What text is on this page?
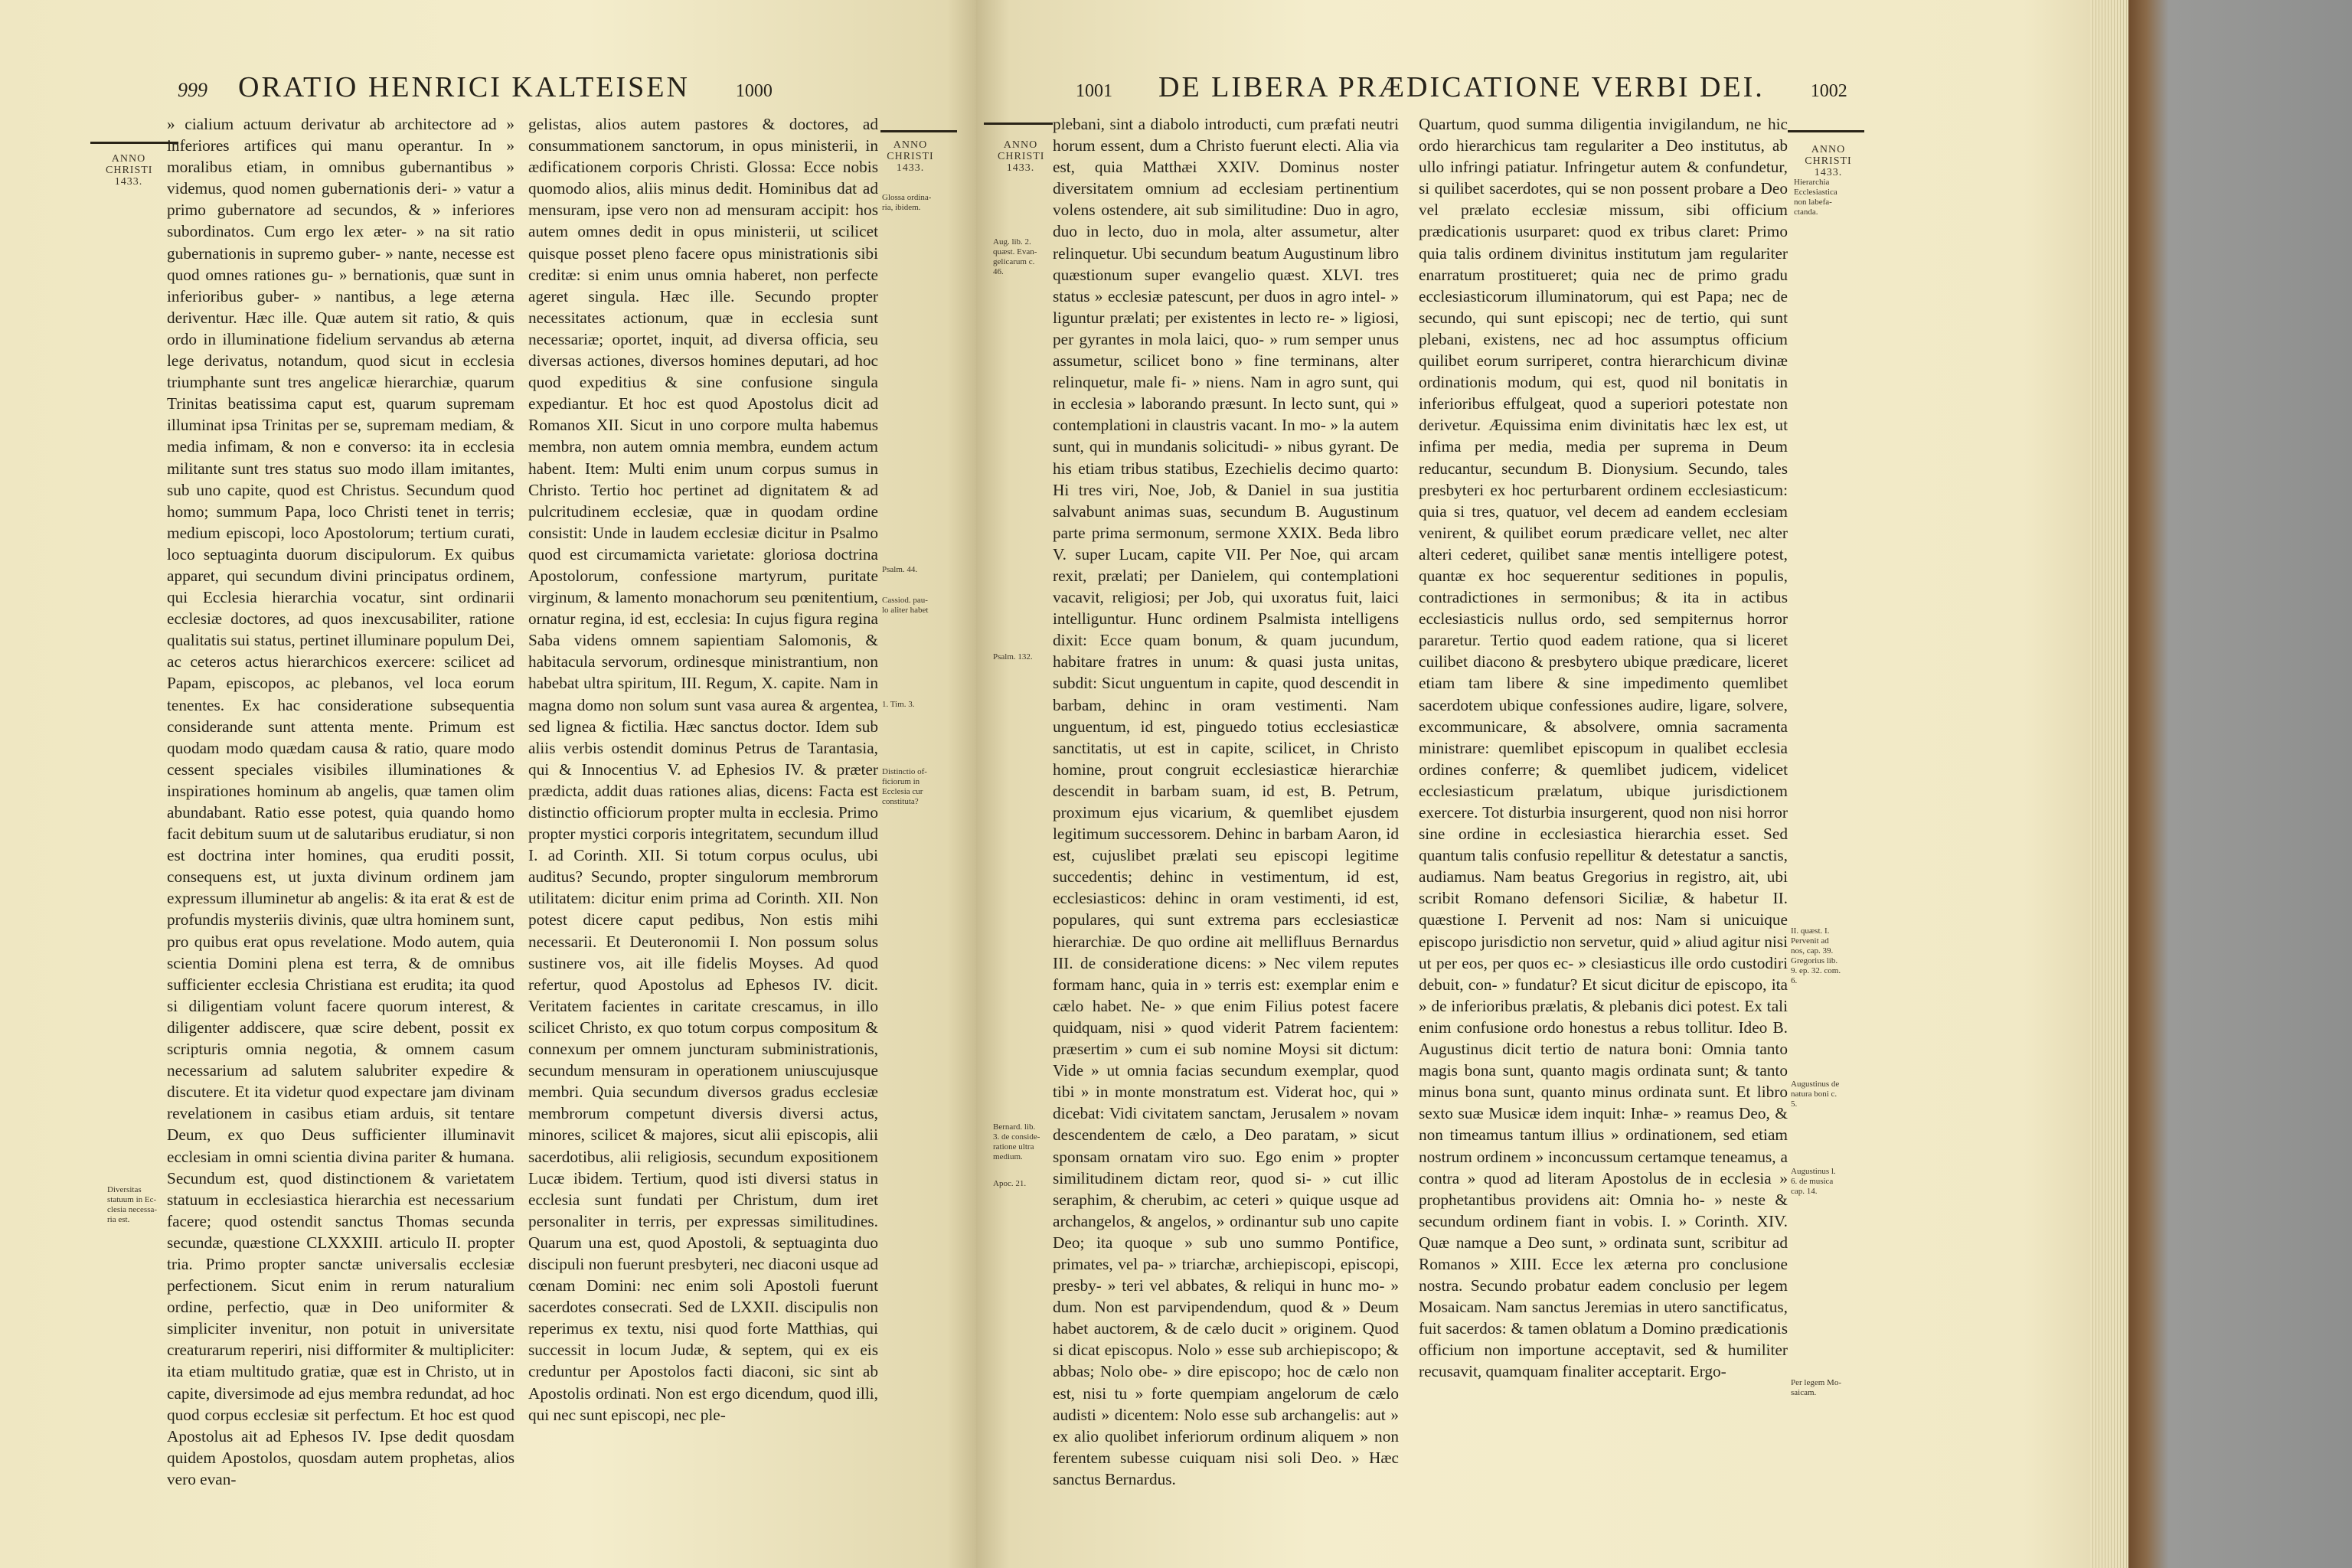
999 ORATIO HENRICI KALTEISEN	1000
ANNO
CHRISTI
1433.
ANNO
CHRISTI
1433.

» cialium actuum derivatur ab architectore ad » inferiores artifices qui manu operantur. In » moralibus etiam, in omnibus gubernantibus » videmus, quod nomen gubernationis deri- » vatur a primo gubernatore ad secundos, & » inferiores subordinatos. Cum ergo lex æter- » na sit ratio gubernationis in supremo guber- » nante, necesse est quod omnes rationes gu- » bernationis, quæ sunt in inferioribus guber- » nantibus, a lege æterna deriventur. Hæc ille. Quæ autem sit ratio, & quis ordo in illuminatione fidelium servandus ab æterna lege derivatus, notandum, quod sicut in ecclesia triumphante sunt tres angelicæ hierarchiæ, quarum Trinitas beatissima caput est, quarum supremam illuminat ipsa Trinitas per se, supremam mediam, & media infimam, & non e converso: ita in ecclesia militante sunt tres status suo modo illam imitantes, sub uno capite, quod est Christus. Secundum quod homo; summum Papa, loco Christi tenet in terris; medium episcopi, loco Apostolorum; tertium curati, loco septuaginta duorum discipulorum. Ex quibus apparet, qui secundum divini principatus ordinem, qui Ecclesia hierarchia vocatur, sint ordinarii ecclesiæ doctores, ad quos inexcusabiliter, ratione qualitatis sui status, pertinet illuminare populum Dei, ac ceteros actus hierarchicos exercere: scilicet ad Papam, episcopos, ac plebanos, vel loca eorum tenentes. Ex hac consideratione subsequentia considerande sunt attenta mente. Primum est quodam modo quædam causa & ratio, quare modo cessent speciales visibiles illuminationes & inspirationes hominum ab angelis, quæ tamen olim abundabant. Ratio esse potest, quia quando homo facit debitum suum ut de salutaribus erudiatur, si non est doctrina inter homines, qua eruditi possit, consequens est, ut juxta divinum ordinem jam expressum illuminetur ab angelis: & ita erat & est de profundis mysteriis divinis, quæ ultra hominem sunt, pro quibus erat opus revelatione. Modo autem, quia scientia Domini plena est terra, & de omnibus sufficienter ecclesia Christiana est erudita; ita quod si diligentiam volunt facere quorum interest, & diligenter addiscere, quæ scire debent, possit ex scripturis omnia negotia, & omnem casum necessarium ad salutem salubriter expedire & discutere. Et ita videtur quod expectare jam divinam revelationem in casibus etiam arduis, sit tentare Deum, ex quo Deus sufficienter illuminavit ecclesiam in omni scientia divina pariter & humana. Secundum est, quod distinctionem & varietatem statuum in ecclesiastica hierarchia est necessarium facere; quod ostendit sanctus Thomas secunda secundæ, quæstione CLXXXIII. articulo II. propter tria. Primo propter sanctæ universalis ecclesiæ perfectionem. Sicut enim in rerum naturalium ordine, perfectio, quæ in Deo uniformiter & simpliciter invenitur, non potuit in universitate creaturarum reperiri, nisi difformiter & multipliciter: ita etiam multitudo gratiæ, quæ est in Christo, ut in capite, diversimode ad ejus membra redundat, ad hoc quod corpus ecclesiæ sit perfectum. Et hoc est quod Apostolus ait ad Ephesos IV. Ipse dedit quosdam quidem Apostolos, quosdam autem prophetas, alios vero evan-

gelistas, alios autem pastores & doctores, ad consummationem sanctorum, in opus ministerii, in ædificationem corporis Christi. Glossa: Ecce nobis quomodo alios, aliis minus dedit. Hominibus dat ad mensuram, ipse vero non ad mensuram accipit: hos autem omnes dedit in opus ministerii, ut scilicet quisque posset pleno facere opus ministrationis sibi creditæ: si enim unus omnia haberet, non perfecte ageret singula. Hæc ille. Secundo propter necessitates actionum, quæ in ecclesia sunt necessariæ; oportet, inquit, ad diversa officia, seu diversas actiones, diversos homines deputari, ad hoc quod expeditius & sine confusione singula expediantur. Et hoc est quod Apostolus dicit ad Romanos XII. Sicut in uno corpore multa habemus membra, non autem omnia membra, eundem actum habent. Item: Multi enim unum corpus sumus in Christo. Tertio hoc pertinet ad dignitatem & ad pulcritudinem ecclesiæ, quæ in quodam ordine consistit: Unde in laudem ecclesiæ dicitur in Psalmo quod est circumamicta varietate: gloriosa doctrina Apostolorum, confessione martyrum, puritate virginum, & lamento monachorum seu pœnitentium, ornatur regina, id est, ecclesia: In cujus figura regina Saba videns omnem sapientiam Salomonis, & habitacula servorum, ordinesque ministrantium, non habebat ultra spiritum, III. Regum, X. capite. Nam in magna domo non solum sunt vasa aurea & argentea, sed lignea & fictilia. Hæc sanctus doctor. Idem sub aliis verbis ostendit dominus Petrus de Tarantasia, qui & Innocentius V. ad Ephesios IV. & præter prædicta, addit duas rationes alias, dicens: Facta est distinctio officiorum propter multa in ecclesia. Primo propter mystici corporis integritatem, secundum illud I. ad Corinth. XII. Si totum corpus oculus, ubi auditus? Secundo, propter singulorum membrorum utilitatem: dicitur enim prima ad Corinth. XII. Non potest dicere caput pedibus, Non estis mihi necessarii. Et Deuteronomii I. Non possum solus sustinere vos, ait ille fidelis Moyses. Ad quod refertur, quod Apostolus ad Ephesos IV. dicit. Veritatem facientes in caritate crescamus, in illo scilicet Christo, ex quo totum corpus compositum & connexum per omnem juncturam subministrationis, secundum mensuram in operationem uniuscujusque membri. Quia secundum diversos gradus ecclesiæ membrorum competunt diversis diversi actus, minores, scilicet & majores, sicut alii episcopis, alii sacerdotibus, alii religiosis, secundum expositionem Lucæ ibidem. Tertium, quod isti diversi status in ecclesia sunt fundati per Christum, dum iret personaliter in terris, per expressas similitudines. Quarum una est, quod Apostoli, & septuaginta duo discipuli non fuerunt presbyteri, nec diaconi usque ad cœnam Domini: nec enim soli Apostoli fuerunt sacerdotes consecrati. Sed de LXXII. discipulis non reperimus ex textu, nisi quod forte Matthias, qui successit in locum Judæ, & septem, qui ex eis creduntur per Apostolos facti diaconi, sic sint ab Apostolis ordinati. Non est ergo dicendum, quod illi, qui nec sunt episcopi, nec ple-

Glossa ordina-
ria, ibidem.
Psalm. 44.
Cassiod. pau-
lo aliter habet
1. Tim. 3.
Distinctio of-
ficiorum in
Ecclesia cur
constituta?
Diversitas
statuum in Ec-
clesia necessa-
ria est.
1001 DE LIBERA PRÆDICATIONE VERBI DEI.	1002
ANNO
CHRISTI
1433.
ANNO
CHRISTI
1433.

plebani, sint a diabolo introducti, cum præfati neutri horum essent, dum a Christo fuerunt electi. Alia via est, quia Matthæi XXIV. Dominus noster diversitatem omnium ad ecclesiam pertinentium volens ostendere, ait sub similitudine: Duo in agro, duo in lecto, duo in mola, alter assumetur, alter relinquetur. Ubi secundum beatum Augustinum libro quæstionum super evangelio quæst. XLVI. tres status » ecclesiæ patescunt, per duos in agro intel- » liguntur prælati; per existentes in lecto re- » ligiosi, per gyrantes in mola laici, quo- » rum semper unus assumetur, scilicet bono » fine terminans, alter relinquetur, male fi- » niens. Nam in agro sunt, qui in ecclesia » laborando præsunt. In lecto sunt, qui » contemplationi in claustris vacant. In mo- » la autem sunt, qui in mundanis solicitudi- » nibus gyrant. De his etiam tribus statibus, Ezechielis decimo quarto: Hi tres viri, Noe, Job, & Daniel in sua justitia salvabunt animas suas, secundum B. Augustinum parte prima sermonum, sermone XXIX. Beda libro V. super Lucam, capite VII. Per Noe, qui arcam rexit, prælati; per Danielem, qui contemplationi vacavit, religiosi; per Job, qui uxoratus fuit, laici intelliguntur. Hunc ordinem Psalmista intelligens dixit: Ecce quam bonum, & quam jucundum, habitare fratres in unum: & quasi justa unitas, subdit: Sicut unguentum in capite, quod descendit in barbam, dehinc in oram vestimenti. Nam unguentum, id est, pinguedo totius ecclesiasticæ sanctitatis, ut est in capite, scilicet, in Christo homine, prout congruit ecclesiasticæ hierarchiæ descendit in barbam suam, id est, B. Petrum, proximum ejus vicarium, & quemlibet ejusdem legitimum successorem. Dehinc in barbam Aaron, id est, cujuslibet prælati seu episcopi legitime succedentis; dehinc in vestimentum, id est, ecclesiasticos: dehinc in oram vestimenti, id est, populares, qui sunt extrema pars ecclesiasticæ hierarchiæ. De quo ordine ait mellifluus Bernardus III. de consideratione dicens: » Nec vilem reputes formam hanc, quia in » terris est: exemplar enim e cælo habet. Ne- » que enim Filius potest facere quidquam, nisi » quod viderit Patrem facientem: præsertim » cum ei sub nomine Moysi sit dictum: Vide » ut omnia facias secundum exemplar, quod tibi » in monte monstratum est. Viderat hoc, qui » dicebat: Vidi civitatem sanctam, Jerusalem » novam descendentem de cælo, a Deo paratam, » sicut sponsam ornatam viro suo. Ego enim » propter similitudinem dictam reor, quod si- » cut illic seraphim, & cherubim, ac ceteri » quique usque ad archangelos, & angelos, » ordinantur sub uno capite Deo; ita quoque » sub uno summo Pontifice, primates, vel pa- » triarchæ, archiepiscopi, episcopi, presby- » teri vel abbates, & reliqui in hunc mo- » dum. Non est parvipendendum, quod & » Deum habet auctorem, & de cælo ducit » originem. Quod si dicat episcopus. Nolo » esse sub archiepiscopo; & abbas; Nolo obe- » dire episcopo; hoc de cælo non est, nisi tu » forte quempiam angelorum de cælo audisti » dicentem: Nolo esse sub archangelis: aut » ex alio quolibet inferiorum ordinum aliquem » non ferentem subesse cuiquam nisi soli Deo. » Hæc sanctus Bernardus.

Quartum, quod summa diligentia invigilandum, ne hic ordo hierarchicus tam regulariter a Deo institutus, ab ullo infringi patiatur. Infringetur autem & confundetur, si quilibet sacerdotes, qui se non possent probare a Deo vel prælato ecclesiæ missum, sibi officium prædicationis usurparet: quod ex tribus claret: Primo quia talis ordinem divinitus institutum jam regulariter enarratum prostitueret; quia nec de primo gradu ecclesiasticorum illuminatorum, qui est Papa; nec de secundo, qui sunt episcopi; nec de tertio, qui sunt plebani, existens, nec ad hoc assumptus officium quilibet eorum surriperet, contra hierarchicum divinæ ordinationis modum, qui est, quod nil bonitatis in inferioribus effulgeat, quod a superiori potestate non derivetur. Æquissima enim divinitatis hæc lex est, ut infima per media, media per suprema in Deum reducantur, secundum B. Dionysium. Secundo, tales presbyteri ex hoc perturbarent ordinem ecclesiasticum: quia si tres, quatuor, vel decem ad eandem ecclesiam venirent, & quilibet eorum prædicare vellet, nec alter alteri cederet, quilibet sanæ mentis intelligere potest, quantæ ex hoc sequerentur seditiones in populis, contradictiones in sermonibus; & ita in actibus ecclesiasticis nullus ordo, sed sempiternus horror pararetur. Tertio quod eadem ratione, qua si liceret cuilibet diacono & presbytero ubique prædicare, liceret etiam tam libere & sine impedimento quemlibet sacerdotem ubique confessiones audire, ligare, solvere, excommunicare, & absolvere, omnia sacramenta ministrare: quemlibet episcopum in qualibet ecclesia ordines conferre; & quemlibet judicem, videlicet ecclesiasticum prælatum, ubique jurisdictionem exercere. Tot disturbia insurgerent, quod non nisi horror sine ordine in ecclesiastica hierarchia esset. Sed quantum talis confusio repellitur & detestatur a sanctis, audiamus. Nam beatus Gregorius in registro, ait, ubi scribit Romano defensori Siciliæ, & habetur II. quæstione I. Pervenit ad nos: Nam si unicuique episcopo jurisdictio non servetur, quid » aliud agitur nisi ut per eos, per quos ec- » clesiasticus ille ordo custodiri debuit, con- » fundatur? Et sicut dicitur de episcopo, ita » de inferioribus prælatis, & plebanis dici potest. Ex tali enim confusione ordo honestus a rebus tollitur. Ideo B. Augustinus dicit tertio de natura boni: Omnia tanto magis bona sunt, quanto magis ordinata sunt; & tanto minus bona sunt, quanto minus ordinata sunt. Et libro sexto suæ Musicæ idem inquit: Inhæ- » reamus Deo, & non timeamus tantum illius » ordinationem, sed etiam nostrum ordinem » inconcussum certamque teneamus, a contra » quod ad literam Apostolus de in ecclesia » prophetantibus providens ait: Omnia ho- » neste & secundum ordinem fiant in vobis. I. » Corinth. XIV. Quæ namque a Deo sunt, » ordinata sunt, scribitur ad Romanos » XIII. Ecce lex æterna pro conclusione nostra. Secundo probatur eadem conclusio per legem Mosaicam. Nam sanctus Jeremias in utero sanctificatus, fuit sacerdos: & tamen oblatum a Domino prædicationis officium non importune acceptavit, sed & humiliter recusavit, quamquam finaliter acceptarit. Ergo-

Aug. lib. 2.
quæst. Evan-
gelicarum c.
46.
Psalm. 132.
Bernard. lib.
3. de conside-
ratione ultra
medium.
Apoc. 21.
Hierarchia
Ecclesiastica
non labefa-
ctanda.
II. quæst. I.
Pervenit ad
nos, cap. 39.
Gregorius lib.
9. ep. 32. com.
6.
Augustinus de
natura boni c.
5.
Augustinus l.
6. de musica
cap. 14.
Per legem Mo-
saicam.
